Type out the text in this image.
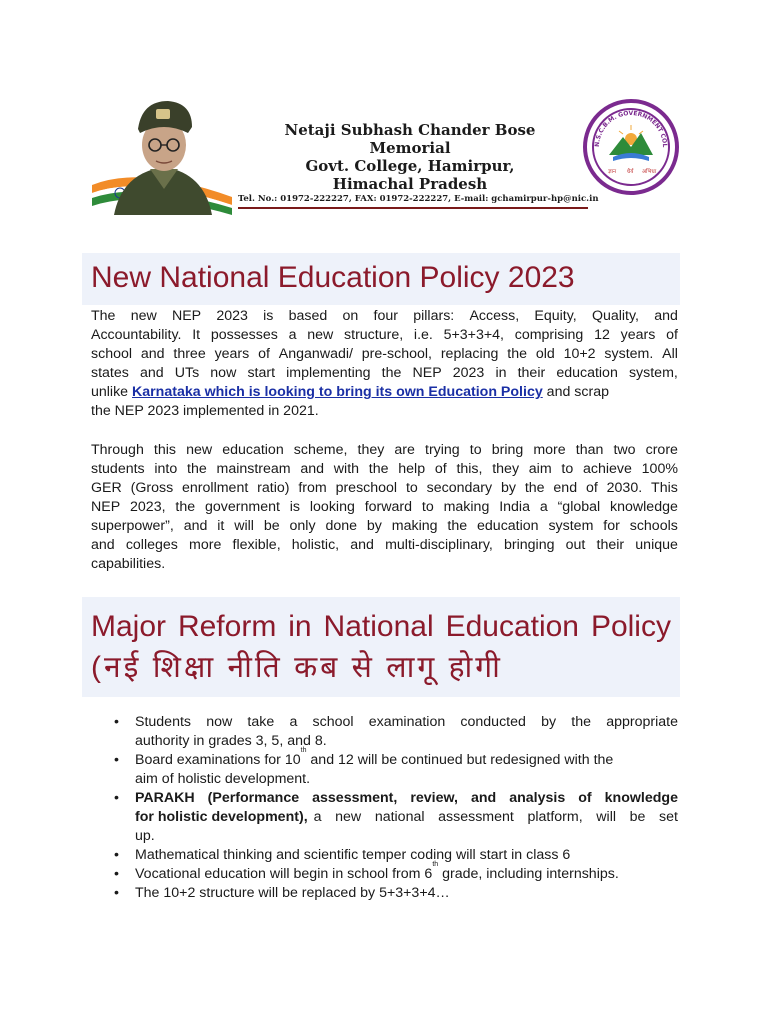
Netaji Subhash Chander Bose Memorial
Govt. College, Hamirpur,
Himachal Pradesh
Tel. No.: 01972-222227, FAX: 01972-222227, E-mail: gchamirpur-hp@nic.in
N.S.C.B.M. GOVERNMENT COL
ज्ञान धैर्य अभिधा
New National Education Policy 2023
The new NEP 2023 is based on four pillars: Access, Equity, Quality, and
Accountability. It possesses a new structure, i.e. 5+3+3+4, comprising 12 years of
school and three years of Anganwadi/ pre-school, replacing the old 10+2 system. All
states and UTs now start implementing the NEP 2023 in their education system,
unlike Karnataka which is looking to bring its own Education Policy and scrap
the NEP 2023 implemented in 2021.
Through this new education scheme, they are trying to bring more than two crore
students into the mainstream and with the help of this, they aim to achieve 100%
GER (Gross enrollment ratio) from preschool to secondary by the end of 2030. This
NEP 2023, the government is looking forward to making India a “global knowledge
superpower”, and it will be only done by making the education system for schools
and colleges more flexible, holistic, and multi-disciplinary, bringing out their unique
capabilities.
Major Reform in National Education Policy
(नई शिक्षा नीति कब से लागू होगी
• Students now take a school examination conducted by the appropriate
authority in grades 3, 5, and 8.
• Board examinations for 10
th
and 12 will be continued but redesigned with the
aim of holistic development.
• PARAKH (Performance assessment, review, and analysis of knowledge
for holistic development), a new national assessment platform, will be set
up.
• Mathematical thinking and scientific temper coding will start in class 6
• Vocational education will begin in school from 6
th
grade, including internships.
• The 10+2 structure will be replaced by 5+3+3+4…
